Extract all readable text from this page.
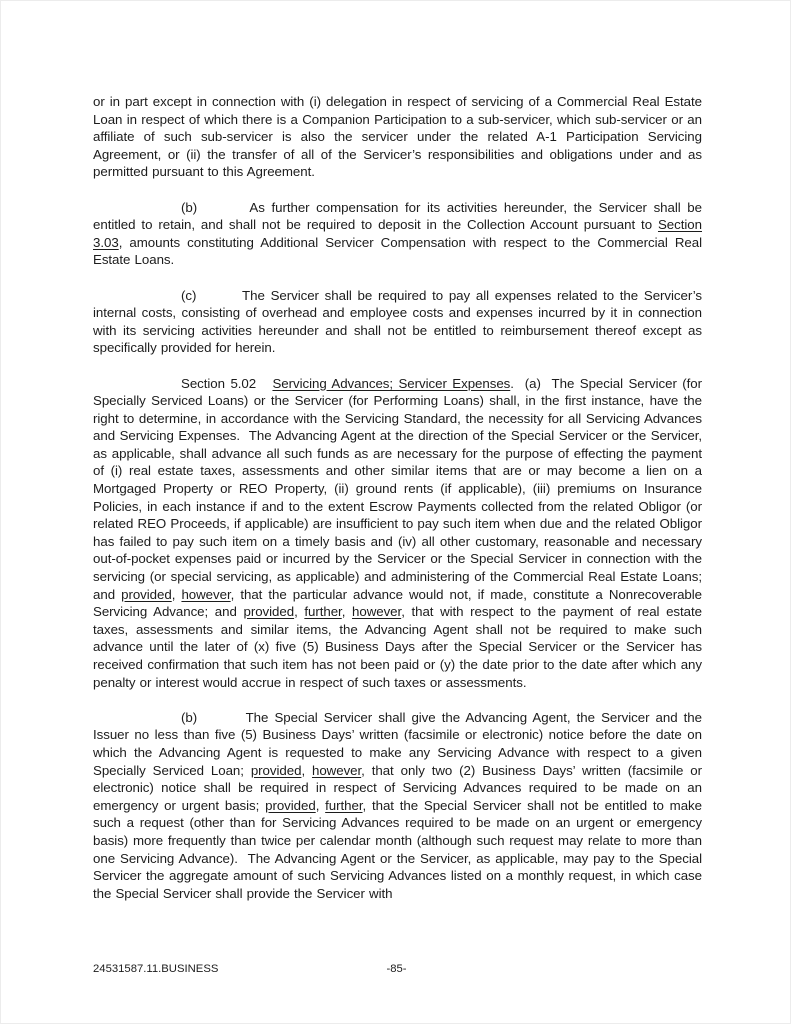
or in part except in connection with (i) delegation in respect of servicing of a Commercial Real Estate Loan in respect of which there is a Companion Participation to a sub-servicer, which sub-servicer or an affiliate of such sub-servicer is also the servicer under the related A-1 Participation Servicing Agreement, or (ii) the transfer of all of the Servicer’s responsibilities and obligations under and as permitted pursuant to this Agreement.

(b)        As further compensation for its activities hereunder, the Servicer shall be entitled to retain, and shall not be required to deposit in the Collection Account pursuant to Section 3.03, amounts constituting Additional Servicer Compensation with respect to the Commercial Real Estate Loans.

(c)        The Servicer shall be required to pay all expenses related to the Servicer’s internal costs, consisting of overhead and employee costs and expenses incurred by it in connection with its servicing activities hereunder and shall not be entitled to reimbursement thereof except as specifically provided for herein.

Section 5.02   Servicing Advances; Servicer Expenses.  (a)  The Special Servicer (for Specially Serviced Loans) or the Servicer (for Performing Loans) shall, in the first instance, have the right to determine, in accordance with the Servicing Standard, the necessity for all Servicing Advances and Servicing Expenses.  The Advancing Agent at the direction of the Special Servicer or the Servicer, as applicable, shall advance all such funds as are necessary for the purpose of effecting the payment of (i) real estate taxes, assessments and other similar items that are or may become a lien on a Mortgaged Property or REO Property, (ii) ground rents (if applicable), (iii) premiums on Insurance Policies, in each instance if and to the extent Escrow Payments collected from the related Obligor (or related REO Proceeds, if applicable) are insufficient to pay such item when due and the related Obligor has failed to pay such item on a timely basis and (iv) all other customary, reasonable and necessary out-of-pocket expenses paid or incurred by the Servicer or the Special Servicer in connection with the servicing (or special servicing, as applicable) and administering of the Commercial Real Estate Loans; and provided, however, that the particular advance would not, if made, constitute a Nonrecoverable Servicing Advance; and provided, further, however, that with respect to the payment of real estate taxes, assessments and similar items, the Advancing Agent shall not be required to make such advance until the later of (x) five (5) Business Days after the Special Servicer or the Servicer has received confirmation that such item has not been paid or (y) the date prior to the date after which any penalty or interest would accrue in respect of such taxes or assessments.

(b)        The Special Servicer shall give the Advancing Agent, the Servicer and the Issuer no less than five (5) Business Days’ written (facsimile or electronic) notice before the date on which the Advancing Agent is requested to make any Servicing Advance with respect to a given Specially Serviced Loan; provided, however, that only two (2) Business Days’ written (facsimile or electronic) notice shall be required in respect of Servicing Advances required to be made on an emergency or urgent basis; provided, further, that the Special Servicer shall not be entitled to make such a request (other than for Servicing Advances required to be made on an urgent or emergency basis) more frequently than twice per calendar month (although such request may relate to more than one Servicing Advance).  The Advancing Agent or the Servicer, as applicable, may pay to the Special Servicer the aggregate amount of such Servicing Advances listed on a monthly request, in which case the Special Servicer shall provide the Servicer with

24531587.11.BUSINESS	-85-
